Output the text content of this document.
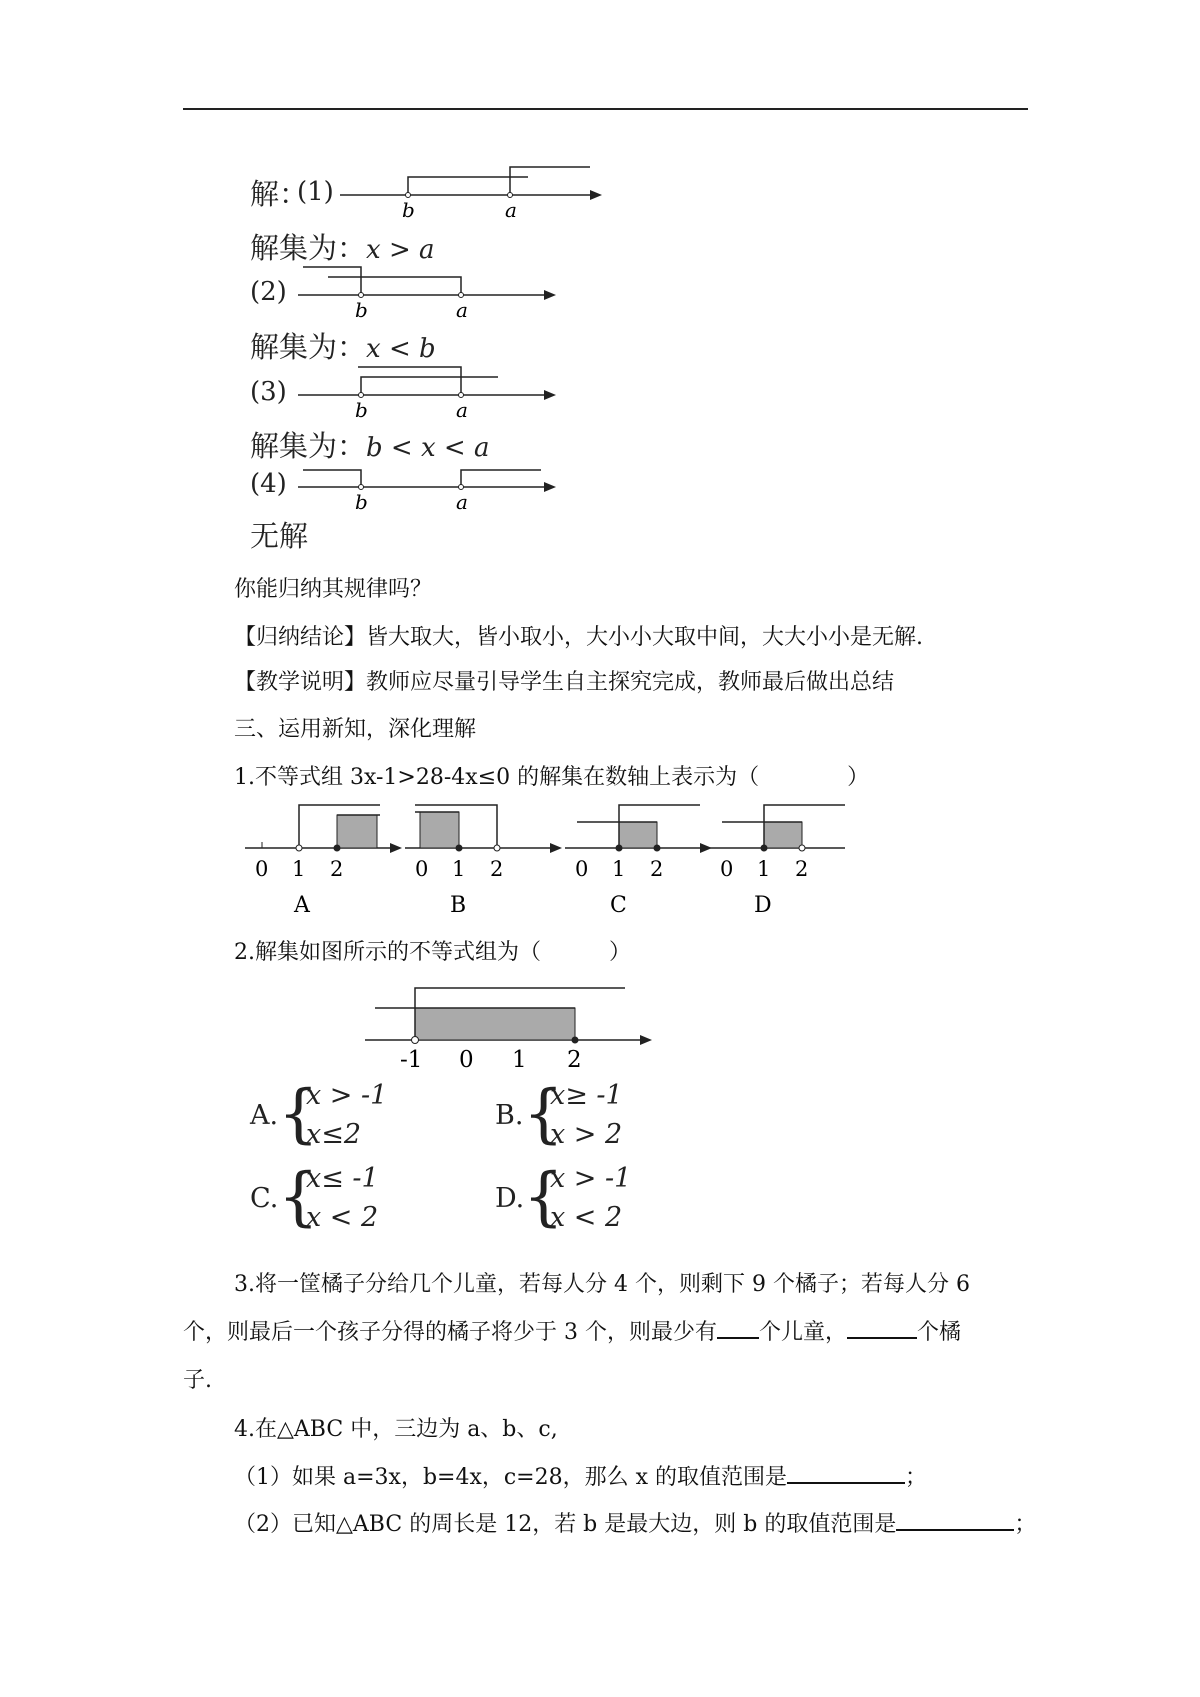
解：
(1)
b	a
解集为：x > a
(2)
b	a
解集为：x < b
(3)
b	a
解集为：b < x < a
(4)
b	a
无解
你能归纳其规律吗？
【归纳结论】皆大取大，皆小取小，大小小大取中间，大大小小是无解.
【教学说明】教师应尽量引导学生自主探究完成，教师最后做出总结
三、运用新知，深化理解
1.不等式组 3x-1>28-4x≤0 的解集在数轴上表示为（	）
0 1 2
A
0 1 2
B
0 1 2
C
0 1 2
D
2.解集如图所示的不等式组为（	）
-1 0 1 2
A. {
x > -1
x≤2
B. {
x≥ -1
x > 2
C. {
x≤ -1
x < 2
D.
{
x > -1
x < 2
3.将一筐橘子分给几个儿童，若每人分 4 个，则剩下 9 个橘子；若每人分 6
个，则最后一个孩子分得的橘子将少于 3 个，则最少有 个儿童，	个橘
子.
4.在△ABC 中，三边为 a、b、c,
（1）如果 a=3x，b=4x，c=28，那么 x 的取值范围是	；
（2）已知△ABC 的周长是 12，若 b 是最大边，则 b 的取值范围是	；
